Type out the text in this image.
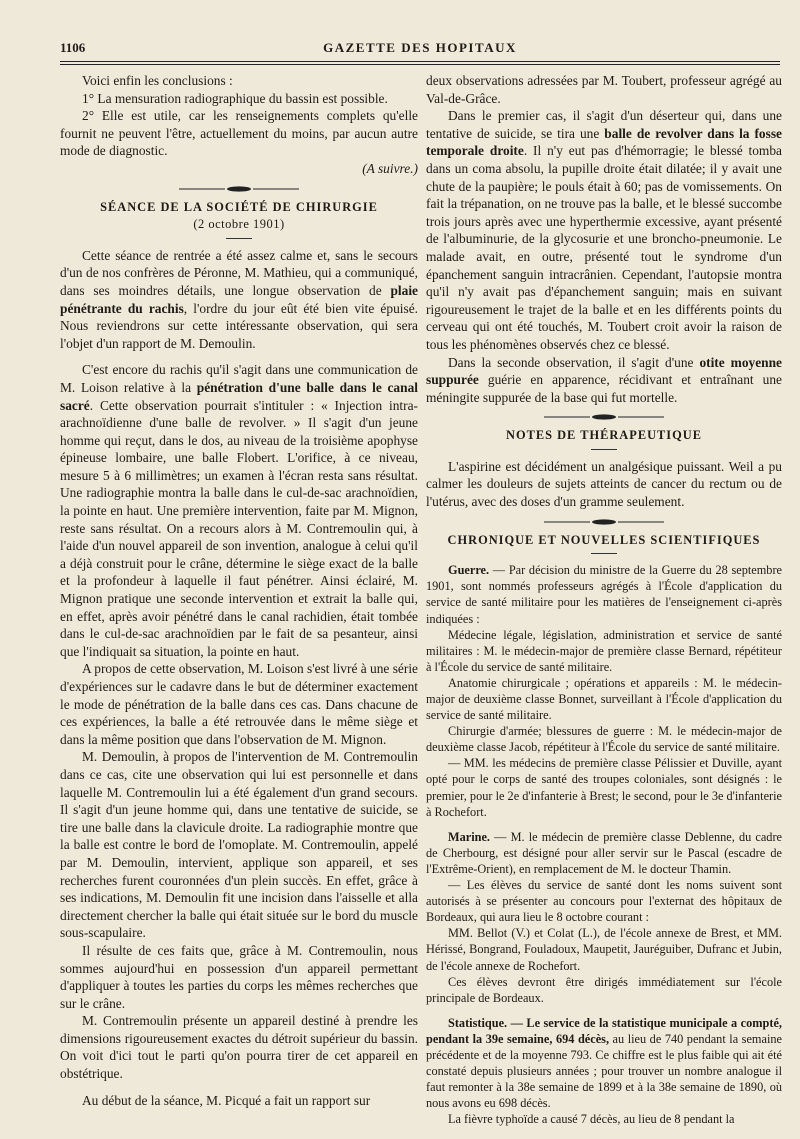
1106	GAZETTE DES HOPITAUX

Voici enfin les conclusions :

1° La mensuration radiographique du bassin est possible.

2° Elle est utile, car les renseignements complets qu'elle fournit ne peuvent l'être, actuellement du moins, par aucun autre mode de diagnostic.

(A suivre.)

SÉANCE DE LA SOCIÉTÉ DE CHIRURGIE

(2 octobre 1901)

Cette séance de rentrée a été assez calme et, sans le secours d'un de nos confrères de Péronne, M. Mathieu, qui a communiqué, dans ses moindres détails, une longue observation de plaie pénétrante du rachis, l'ordre du jour eût été bien vite épuisé. Nous reviendrons sur cette intéressante observation, qui sera l'objet d'un rapport de M. Demoulin.

C'est encore du rachis qu'il s'agit dans une communication de M. Loison relative à la pénétration d'une balle dans le canal sacré. Cette observation pourrait s'intituler : « Injection intra-arachnoïdienne d'une balle de revolver. » Il s'agit d'un jeune homme qui reçut, dans le dos, au niveau de la troisième apophyse épineuse lombaire, une balle Flobert. L'orifice, à ce niveau, mesure 5 à 6 millimètres; un examen à l'écran resta sans résultat. Une radiographie montra la balle dans le cul-de-sac arachnoïdien, la pointe en haut. Une première intervention, faite par M. Mignon, reste sans résultat. On a recours alors à M. Contremoulin qui, à l'aide d'un nouvel appareil de son invention, analogue à celui qu'il a déjà construit pour le crâne, détermine le siège exact de la balle et la profondeur à laquelle il faut pénétrer. Ainsi éclairé, M. Mignon pratique une seconde intervention et extrait la balle qui, en effet, après avoir pénétré dans le canal rachidien, était tombée dans le cul-de-sac arachnoïdien par le fait de sa pesanteur, ainsi que l'indiquait sa situation, la pointe en haut.

A propos de cette observation, M. Loison s'est livré à une série d'expériences sur le cadavre dans le but de déterminer exactement le mode de pénétration de la balle dans ces cas. Dans chacune de ces expériences, la balle a été retrouvée dans le même siège et dans la même position que dans l'observation de M. Mignon.

M. Demoulin, à propos de l'intervention de M. Contremoulin dans ce cas, cite une observation qui lui est personnelle et dans laquelle M. Contremoulin lui a été également d'un grand secours. Il s'agit d'un jeune homme qui, dans une tentative de suicide, se tire une balle dans la clavicule droite. La radiographie montre que la balle est contre le bord de l'omoplate. M. Contremoulin, appelé par M. Demoulin, intervient, applique son appareil, et ses recherches furent couronnées d'un plein succès. En effet, grâce à ses indications, M. Demoulin fit une incision dans l'aisselle et alla directement chercher la balle qui était située sur le bord du muscle sous-scapulaire.

Il résulte de ces faits que, grâce à M. Contremoulin, nous sommes aujourd'hui en possession d'un appareil permettant d'appliquer à toutes les parties du corps les mêmes recherches que sur le crâne.

M. Contremoulin présente un appareil destiné à prendre les dimensions rigoureusement exactes du détroit supérieur du bassin. On voit d'ici tout le parti qu'on pourra tirer de cet appareil en obstétrique.

Au début de la séance, M. Picqué a fait un rapport sur

deux observations adressées par M. Toubert, professeur agrégé au Val-de-Grâce.

Dans le premier cas, il s'agit d'un déserteur qui, dans une tentative de suicide, se tira une balle de revolver dans la fosse temporale droite. Il n'y eut pas d'hémorragie; le blessé tomba dans un coma absolu, la pupille droite était dilatée; il y avait une chute de la paupière; le pouls était à 60; pas de vomissements. On fait la trépanation, on ne trouve pas la balle, et le blessé succombe trois jours après avec une hyperthermie excessive, ayant présenté de l'albuminurie, de la glycosurie et une broncho-pneumonie. Le malade avait, en outre, présenté tout le syndrome d'un épanchement sanguin intracrânien. Cependant, l'autopsie montra qu'il n'y avait pas d'épanchement sanguin; mais en suivant rigoureusement le trajet de la balle et en les différents points du cerveau qui ont été touchés, M. Toubert croit avoir la raison de tous les phénomènes observés chez ce blessé.

Dans la seconde observation, il s'agit d'une otite moyenne suppurée guérie en apparence, récidivant et entraînant une méningite suppurée de la base qui fut mortelle.

NOTES DE THÉRAPEUTIQUE

L'aspirine est décidément un analgésique puissant. Weil a pu calmer les douleurs de sujets atteints de cancer du rectum ou de l'utérus, avec des doses d'un gramme seulement.

CHRONIQUE ET NOUVELLES SCIENTIFIQUES

Guerre. — Par décision du ministre de la Guerre du 28 septembre 1901, sont nommés professeurs agrégés à l'École d'application du service de santé militaire pour les matières de l'enseignement ci-après indiquées :

Médecine légale, législation, administration et service de santé militaires : M. le médecin-major de première classe Bernard, répétiteur à l'École du service de santé militaire.

Anatomie chirurgicale ; opérations et appareils : M. le médecin-major de deuxième classe Bonnet, surveillant à l'École d'application du service de santé militaire.

Chirurgie d'armée; blessures de guerre : M. le médecin-major de deuxième classe Jacob, répétiteur à l'École du service de santé militaire.

— MM. les médecins de première classe Pélissier et Duville, ayant opté pour le corps de santé des troupes coloniales, sont désignés : le premier, pour le 2e d'infanterie à Brest; le second, pour le 3e d'infanterie à Rochefort.

Marine. — M. le médecin de première classe Deblenne, du cadre de Cherbourg, est désigné pour aller servir sur le Pascal (escadre de l'Extrême-Orient), en remplacement de M. le docteur Thamin.

— Les élèves du service de santé dont les noms suivent sont autorisés à se présenter au concours pour l'externat des hôpitaux de Bordeaux, qui aura lieu le 8 octobre courant :

MM. Bellot (V.) et Colat (L.), de l'école annexe de Brest, et MM. Hérissé, Bongrand, Fouladoux, Maupetit, Jauréguiber, Dufranc et Jubin, de l'école annexe de Rochefort.

Ces élèves devront être dirigés immédiatement sur l'école principale de Bordeaux.

Statistique. — Le service de la statistique municipale a compté, pendant la 39e semaine, 694 décès, au lieu de 740 pendant la semaine précédente et de la moyenne 793. Ce chiffre est le plus faible qui ait été constaté depuis plusieurs années ; pour trouver un nombre analogue il faut remonter à la 38e semaine de 1899 et à la 38e semaine de 1890, où nous avons eu 698 décès.

La fièvre typhoïde a causé 7 décès, au lieu de 8 pendant la
